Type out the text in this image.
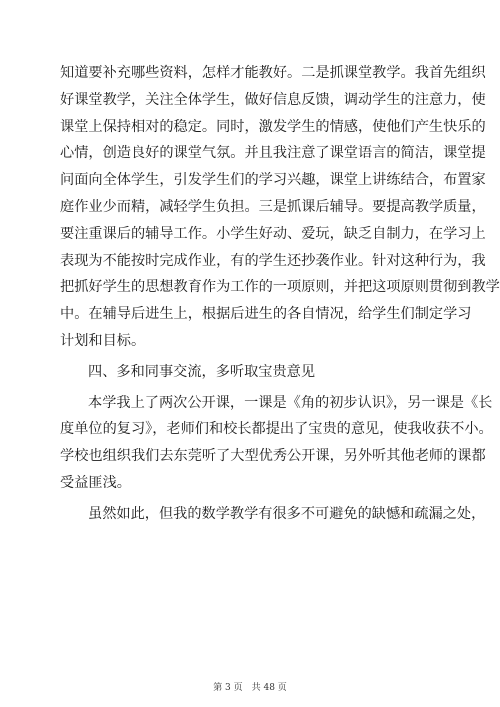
知道要补充哪些资料，怎样才能教好。二是抓课堂教学。我首先组织
好课堂教学，关注全体学生，做好信息反馈，调动学生的注意力，使
课堂上保持相对的稳定。同时，激发学生的情感，使他们产生快乐的
心情，创造良好的课堂气氛。并且我注意了课堂语言的简洁，课堂提
问面向全体学生，引发学生们的学习兴趣，课堂上讲练结合，布置家
庭作业少而精，减轻学生负担。三是抓课后辅导。要提高教学质量，
要注重课后的辅导工作。小学生好动、爱玩，缺乏自制力，在学习上
表现为不能按时完成作业，有的学生还抄袭作业。针对这种行为，我
把抓好学生的思想教育作为工作的一项原则，并把这项原则贯彻到教学
中。在辅导后进生上，根据后进生的各自情况，给学生们制定学习
计划和目标。
四、多和同事交流，多听取宝贵意见
本学我上了两次公开课，一课是《角的初步认识》，另一课是《长
度单位的复习》，老师们和校长都提出了宝贵的意见，使我收获不小。
学校也组织我们去东莞听了大型优秀公开课，另外听其他老师的课都
受益匪浅。
虽然如此，但我的数学教学有很多不可避免的缺憾和疏漏之处，
第 3 页　共 48 页
